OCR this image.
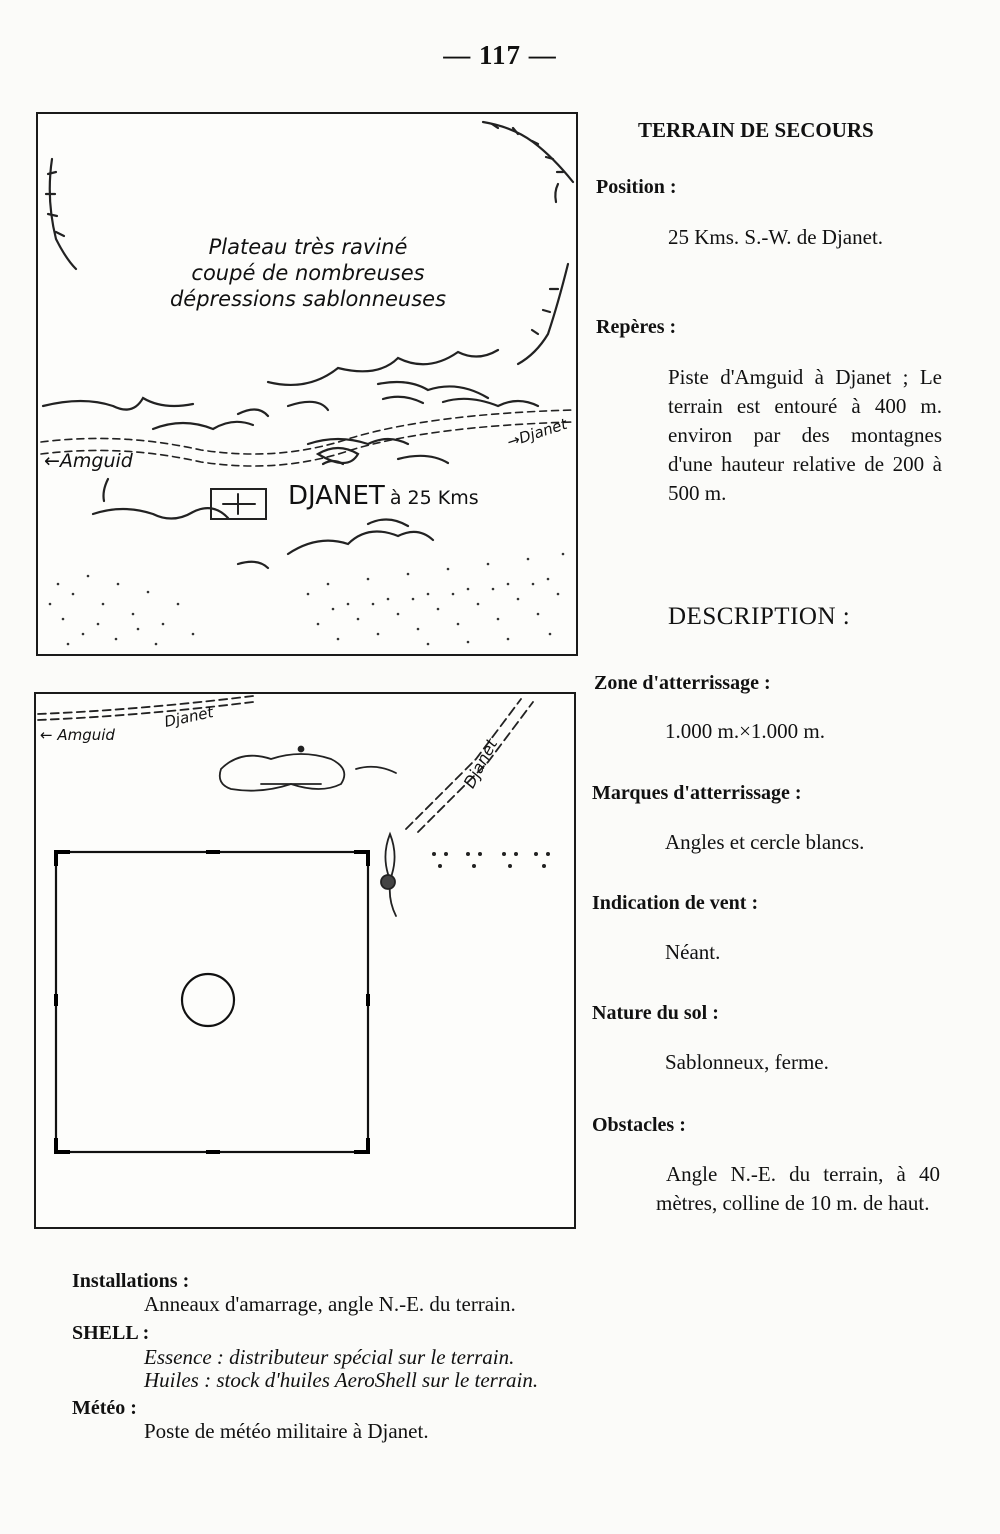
— 117 —
Plateau très raviné
coupé de nombreuses
dépressions sablonneuses
←Amguid
→Djanet
DJANET à 25 Kms
← Amguid
Djanet
Djanet
TERRAIN DE SECOURS
Position :
25 Kms. S.-W. de Djanet.
Repères :
Piste d'Amguid à Djanet ; Le terrain est entouré à 400 m. environ par des montagnes d'une hauteur relative de 200 à 500 m.
DESCRIPTION :
Zone d'atterrissage :
1.000 m.×1.000 m.
Marques d'atterrissage :
Angles et cercle blancs.
Indication de vent :
Néant.
Nature du sol :
Sablonneux, ferme.
Obstacles :
Angle N.-E. du terrain, à 40 mètres, colline de 10 m. de haut.
Installations :
Anneaux d'amarrage, angle N.-E. du terrain.
SHELL :
Essence : distributeur spécial sur le terrain.
Huiles : stock d'huiles AeroShell sur le terrain.
Météo :
Poste de météo militaire à Djanet.
